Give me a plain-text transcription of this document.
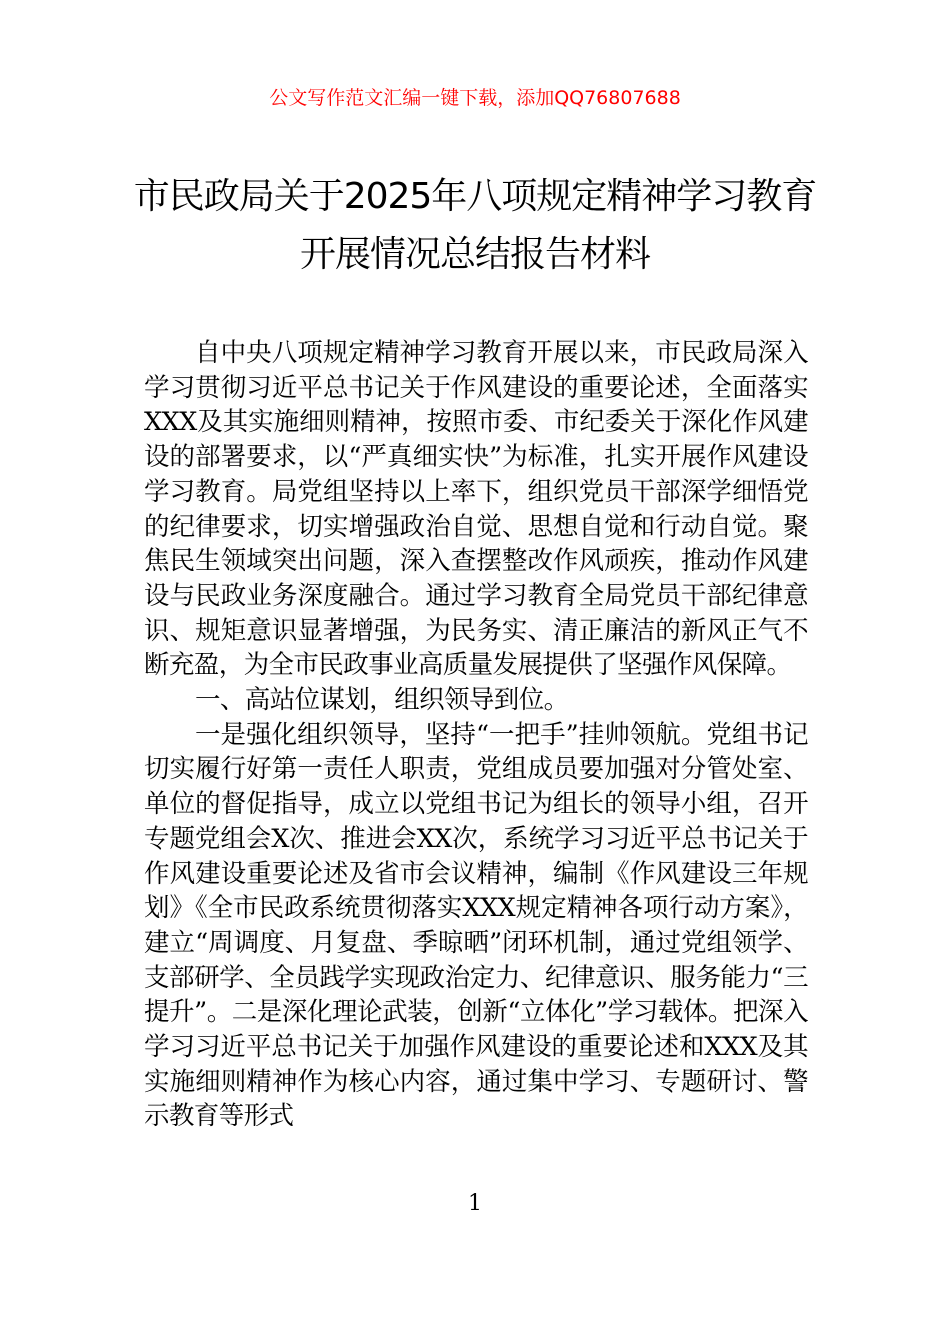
公文写作范文汇编一键下载，添加QQ76807688

市民政局关于2025年八项规定精神学习教育开展情况总结报告材料

自中央八项规定精神学习教育开展以来，市民政局深入学习贯彻习近平总书记关于作风建设的重要论述，全面落实XXX及其实施细则精神，按照市委、市纪委关于深化作风建设的部署要求，以“严真细实快”为标准，扎实开展作风建设学习教育。局党组坚持以上率下，组织党员干部深学细悟党的纪律要求，切实增强政治自觉、思想自觉和行动自觉。聚焦民生领域突出问题，深入查摆整改作风顽疾，推动作风建设与民政业务深度融合。通过学习教育全局党员干部纪律意识、规矩意识显著增强，为民务实、清正廉洁的新风正气不断充盈，为全市民政事业高质量发展提供了坚强作风保障。

一、高站位谋划，组织领导到位。

一是强化组织领导，坚持“一把手”挂帅领航。党组书记切实履行好第一责任人职责，党组成员要加强对分管处室、单位的督促指导，成立以党组书记为组长的领导小组，召开专题党组会X次、推进会XX次，系统学习习近平总书记关于作风建设重要论述及省市会议精神，编制《作风建设三年规划》《全市民政系统贯彻落实XXX规定精神各项行动方案》，建立“周调度、月复盘、季晾晒”闭环机制，通过党组领学、支部研学、全员践学实现政治定力、纪律意识、服务能力“三提升”。二是深化理论武装，创新“立体化”学习载体。把深入学习习近平总书记关于加强作风建设的重要论述和XXX及其实施细则精神作为核心内容，通过集中学习、专题研讨、警示教育等形式

1
